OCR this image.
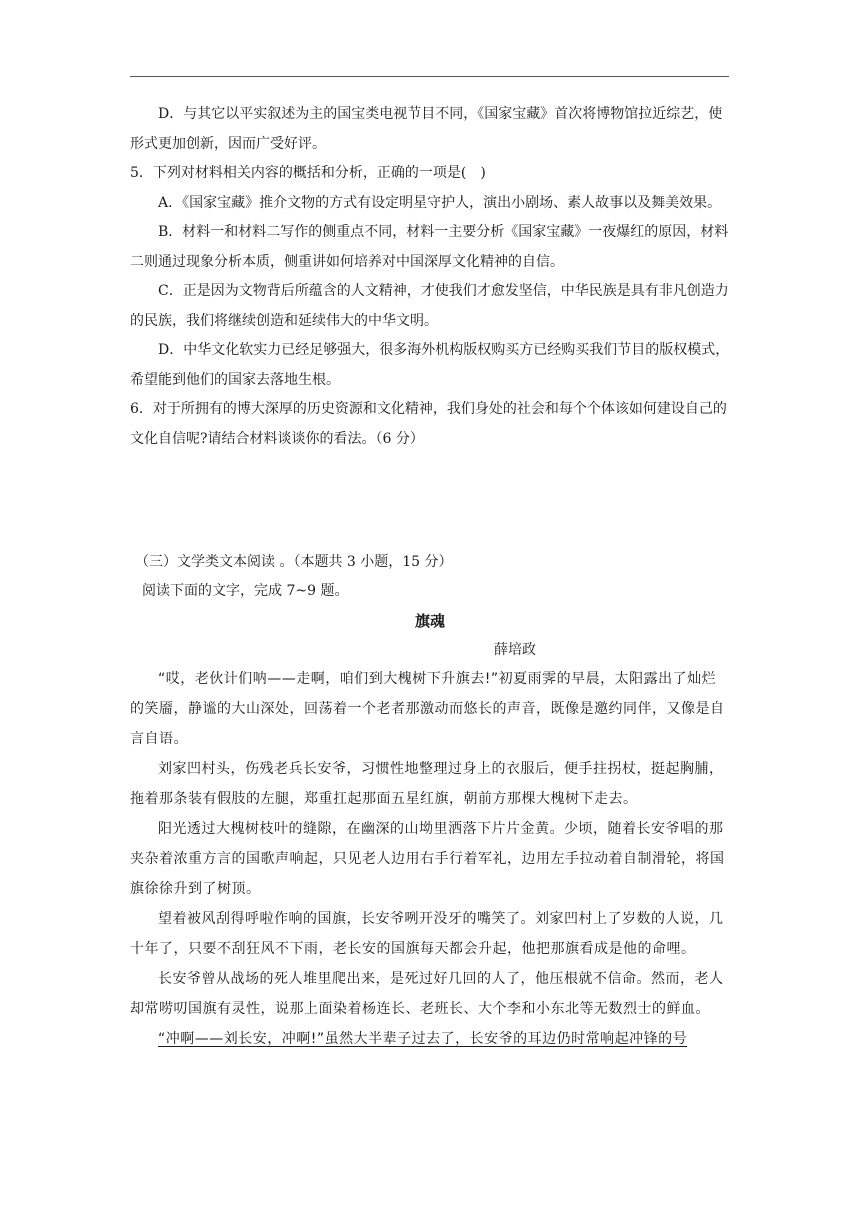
D．与其它以平实叙述为主的国宝类电视节目不同，《国家宝藏》首次将博物馆拉近综艺，使形式更加创新，因而广受好评。

5．下列对材料相关内容的概括和分析，正确的一项是(　)

A．《国家宝藏》推介文物的方式有设定明星守护人，演出小剧场、素人故事以及舞美效果。

B．材料一和材料二写作的侧重点不同，材料一主要分析《国家宝藏》一夜爆红的原因，材料二则通过现象分析本质，侧重讲如何培养对中国深厚文化精神的自信。

C．正是因为文物背后所蕴含的人文精神，才使我们才愈发坚信，中华民族是具有非凡创造力的民族，我们将继续创造和延续伟大的中华文明。

D．中华文化软实力已经足够强大，很多海外机构版权购买方已经购买我们节目的版权模式，希望能到他们的国家去落地生根。

6．对于所拥有的博大深厚的历史资源和文化精神，我们身处的社会和每个个体该如何建设自己的文化自信呢?请结合材料谈谈你的看法。（6 分）

（三）文学类文本阅读 。（本题共 3 小题，15 分）

阅读下面的文字，完成 7~9 题。

旗魂

薛培政

“哎，老伙计们呐——走啊，咱们到大槐树下升旗去!”初夏雨霁的早晨，太阳露出了灿烂的笑靥，静谧的大山深处，回荡着一个老者那激动而悠长的声音，既像是邀约同伴，又像是自言自语。

刘家凹村头，伤残老兵长安爷，习惯性地整理过身上的衣服后，便手拄拐杖，挺起胸脯，拖着那条装有假肢的左腿，郑重扛起那面五星红旗，朝前方那棵大槐树下走去。

阳光透过大槐树枝叶的缝隙，在幽深的山坳里洒落下片片金黄。少顷，随着长安爷唱的那夹杂着浓重方言的国歌声响起，只见老人边用右手行着军礼，边用左手拉动着自制滑轮，将国旗徐徐升到了树顶。

望着被风刮得呼啦作响的国旗，长安爷咧开没牙的嘴笑了。刘家凹村上了岁数的人说，几十年了，只要不刮狂风不下雨，老长安的国旗每天都会升起，他把那旗看成是他的命哩。

长安爷曾从战场的死人堆里爬出来，是死过好几回的人了，他压根就不信命。然而，老人却常唠叨国旗有灵性，说那上面染着杨连长、老班长、大个李和小东北等无数烈士的鲜血。

“冲啊——刘长安，冲啊!”虽然大半辈子过去了，长安爷的耳边仍时常响起冲锋的号
